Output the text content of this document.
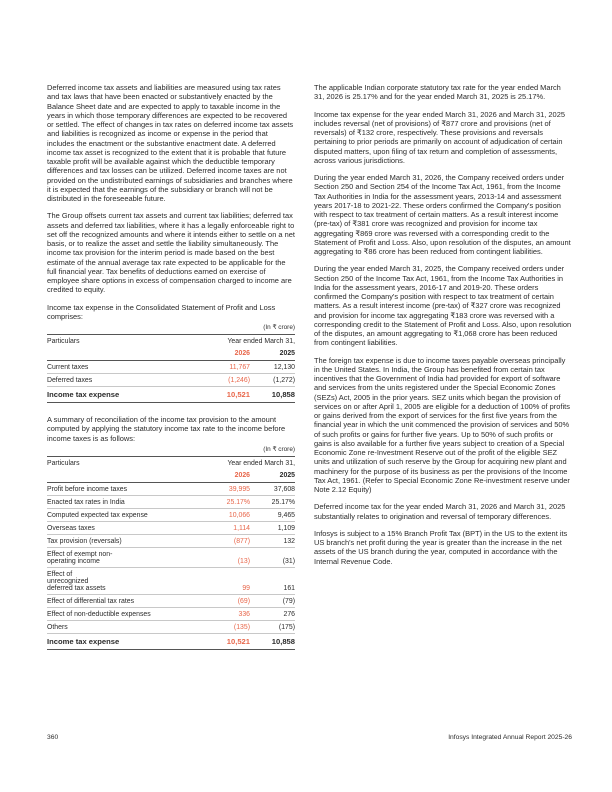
Deferred income tax assets and liabilities are measured using tax rates and tax laws that have been enacted or substantively enacted by the Balance Sheet date and are expected to apply to taxable income in the years in which those temporary differences are expected to be recovered or settled. The effect of changes in tax rates on deferred income tax assets and liabilities is recognized as income or expense in the period that includes the enactment or the substantive enactment date. A deferred income tax asset is recognized to the extent that it is probable that future taxable profit will be available against which the deductible temporary differences and tax losses can be utilized. Deferred income taxes are not provided on the undistributed earnings of subsidiaries and branches where it is expected that the earnings of the subsidiary or branch will not be distributed in the foreseeable future.

The Group offsets current tax assets and current tax liabilities; deferred tax assets and deferred tax liabilities, where it has a legally enforceable right to set off the recognized amounts and where it intends either to settle on a net basis, or to realize the asset and settle the liability simultaneously. The income tax provision for the interim period is made based on the best estimate of the annual average tax rate expected to be applicable for the full financial year. Tax benefits of deductions earned on exercise of employee share options in excess of compensation charged to income are credited to equity.

Income tax expense in the Consolidated Statement of Profit and Loss comprises:

(In ₹ crore)
Particulars	Year ended March 31,	
	2026	2025
Current taxes	11,767	12,130
Deferred taxes	(1,246)	(1,272)
Income tax expense	10,521	10,858

A summary of reconciliation of the income tax provision to the amount computed by applying the statutory income tax rate to the income before income taxes is as follows:

(In ₹ crore)
Particulars	Year ended March 31,	
	2026	2025
Profit before income taxes	39,995	37,608
Enacted tax rates in India	25.17%	25.17%
Computed expected tax expense	10,066	9,465
Overseas taxes	1,114	1,109
Tax provision (reversals)	(877)	132
Effect of exempt non-operating income	(13)	(31)
Effect of unrecognized deferred tax assets	99	161
Effect of differential tax rates	(69)	(79)
Effect of non-deductible expenses	336	276
Others	(135)	(175)
Income tax expense	10,521	10,858

The applicable Indian corporate statutory tax rate for the year ended March 31, 2026 is 25.17% and for the year ended March 31, 2025 is 25.17%.

Income tax expense for the year ended March 31, 2026 and March 31, 2025 includes reversal (net of provisions) of ₹877 crore and provisions (net of reversals) of ₹132 crore, respectively. These provisions and reversals pertaining to prior periods are primarily on account of adjudication of certain disputed matters, upon filing of tax return and completion of assessments, across various jurisdictions.

During the year ended March 31, 2026, the Company received orders under Section 250 and Section 254 of the Income Tax Act, 1961, from the Income Tax Authorities in India for the assessment years, 2013-14 and assessment years 2017-18 to 2021-22. These orders confirmed the Company's position with respect to tax treatment of certain matters. As a result interest income (pre-tax) of ₹381 crore was recognized and provision for income tax aggregating ₹869 crore was reversed with a corresponding credit to the Statement of Profit and Loss. Also, upon resolution of the disputes, an amount aggregating to ₹86 crore has been reduced from contingent liabilities.

During the year ended March 31, 2025, the Company received orders under Section 250 of the Income Tax Act, 1961, from the Income Tax Authorities in India for the assessment years, 2016-17 and 2019-20. These orders confirmed the Company's position with respect to tax treatment of certain matters. As a result interest income (pre-tax) of ₹327 crore was recognized and provision for income tax aggregating ₹183 crore was reversed with a corresponding credit to the Statement of Profit and Loss. Also, upon resolution of the disputes, an amount aggregating to ₹1,068 crore has been reduced from contingent liabilities.

The foreign tax expense is due to income taxes payable overseas principally in the United States. In India, the Group has benefited from certain tax incentives that the Government of India had provided for export of software and services from the units registered under the Special Economic Zones (SEZs) Act, 2005 in the prior years. SEZ units which began the provision of services on or after April 1, 2005 are eligible for a deduction of 100% of profits or gains derived from the export of services for the first five years from the financial year in which the unit commenced the provision of services and 50% of such profits or gains for further five years. Up to 50% of such profits or gains is also available for a further five years subject to creation of a Special Economic Zone re-Investment Reserve out of the profit of the eligible SEZ units and utilization of such reserve by the Group for acquiring new plant and machinery for the purpose of its business as per the provisions of the Income Tax Act, 1961. (Refer to Special Economic Zone Re-investment reserve under Note 2.12 Equity)

Deferred income tax for the year ended March 31, 2026 and March 31, 2025 substantially relates to origination and reversal of temporary differences.

Infosys is subject to a 15% Branch Profit Tax (BPT) in the US to the extent its US branch's net profit during the year is greater than the increase in the net assets of the US branch during the year, computed in accordance with the Internal Revenue Code.

360	Infosys Integrated Annual Report 2025-26
